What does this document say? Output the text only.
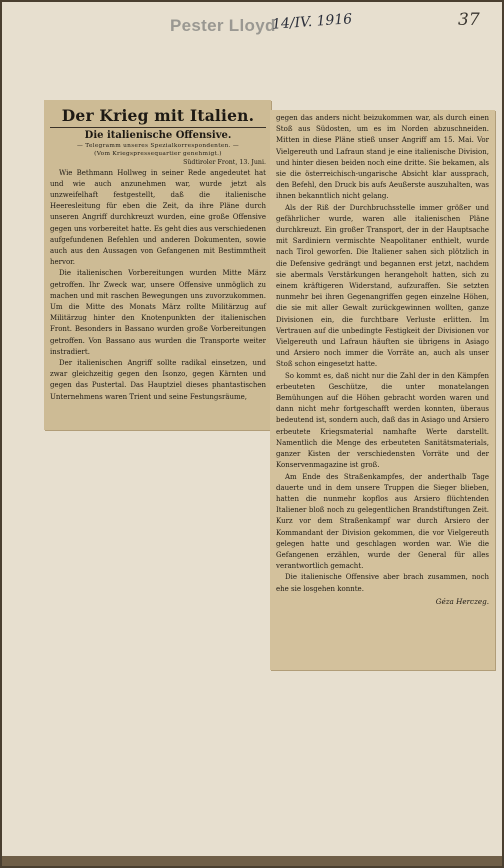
Pester Lloyd
14/IV. 1916	37
Der Krieg mit Italien.
Die italienische Offensive.

— Telegramm unseres Spezialkorrespondenten. —

(Vom Kriegspressequartier genehmigt.)

Südtiroler Front, 13. Juni.

Wie Bethmann Hollweg in seiner Rede angedeutet hat und wie auch anzunehmen war, wurde jetzt als unzweifelhaft festgestellt, daß die italienische Heeresleitung für eben die Zeit, da ihre Pläne durch unseren Angriff durchkreuzt wurden, eine große Offensive gegen uns vorbereitet hatte. Es geht dies aus verschiedenen aufgefundenen Befehlen und anderen Dokumenten, sowie auch aus den Aussagen von Gefangenen mit Bestimmtheit hervor.

Die italienischen Vorbereitungen wurden Mitte März getroffen. Ihr Zweck war, unsere Offensive unmöglich zu machen und mit raschen Bewegungen uns zuvorzukommen. Um die Mitte des Monats März rollte Militärzug auf Militärzug hinter den Knotenpunkten der italienischen Front. Besonders in Bassano wurden große Vorbereitungen getroffen. Von Bassano aus wurden die Transporte weiter instradiert.

Der italienischen Angriff sollte radikal einsetzen, und zwar gleichzeitig gegen den Isonzo, gegen Kärnten und gegen das Pustertal. Das Hauptziel dieses phantastischen Unternehmens waren Trient und seine Festungsräume,

gegen das anders nicht beizukommen war, als durch einen Stoß aus Südosten, um es im Norden abzuschneiden. Mitten in diese Pläne stieß unser Angriff am 15. Mai. Vor Vielgereuth und Lafraun stand je eine italienische Division, und hinter diesen beiden noch eine dritte. Sie bekamen, als sie die österreichisch-ungarische Absicht klar aussprach, den Befehl, den Druck bis aufs Aeußerste auszuhalten, was ihnen bekanntlich nicht gelang.

Als der Riß der Durchbruchsstelle immer größer und gefährlicher wurde, waren alle italienischen Pläne durchkreuzt. Ein großer Transport, der in der Hauptsache mit Sardiniern vermischte Neapolitaner enthielt, wurde nach Tirol geworfen. Die Italiener sahen sich plötzlich in die Defensive gedrängt und begannen erst jetzt, nachdem sie abermals Verstärkungen herangeholt hatten, sich zu einem kräftigeren Widerstand, aufzuraffen. Sie setzten nunmehr bei ihren Gegenangriffen gegen einzelne Höhen, die sie mit aller Gewalt zurückgewinnen wollten, ganze Divisionen ein, die furchtbare Verluste erlitten. Im Vertrauen auf die unbedingte Festigkeit der Divisionen vor Vielgereuth und Lafraun häuften sie übrigens in Asiago und Arsiero noch immer die Vorräte an, auch als unser Stoß schon eingesetzt hatte.

So kommt es, daß nicht nur die Zahl der in den Kämpfen erbeuteten Geschütze, die unter monatelangen Bemühungen auf die Höhen gebracht worden waren und dann nicht mehr fortgeschafft werden konnten, überaus bedeutend ist, sondern auch, daß das in Asiago und Arsiero erbeutete Kriegsmaterial namhafte Werte darstellt. Namentlich die Menge des erbeuteten Sanitätsmaterials, ganzer Kisten der verschiedensten Vorräte und der Konservenmagazine ist groß.

Am Ende des Straßenkampfes, der anderthalb Tage dauerte und in dem unsere Truppen die Sieger blieben, hatten die nunmehr kopflos aus Arsiero flüchtenden Italiener bloß noch zu gelegentlichen Brandstiftungen Zeit. Kurz vor dem Straßenkampf war durch Arsiero der Kommandant der Division gekommen, die vor Vielgereuth gelegen hatte und geschlagen worden war. Wie die Gefangenen erzählen, wurde der General für alles verantwortlich gemacht.

Die italienische Offensive aber brach zusammen, noch ehe sie losgehen konnte.

Géza Herczeg.
